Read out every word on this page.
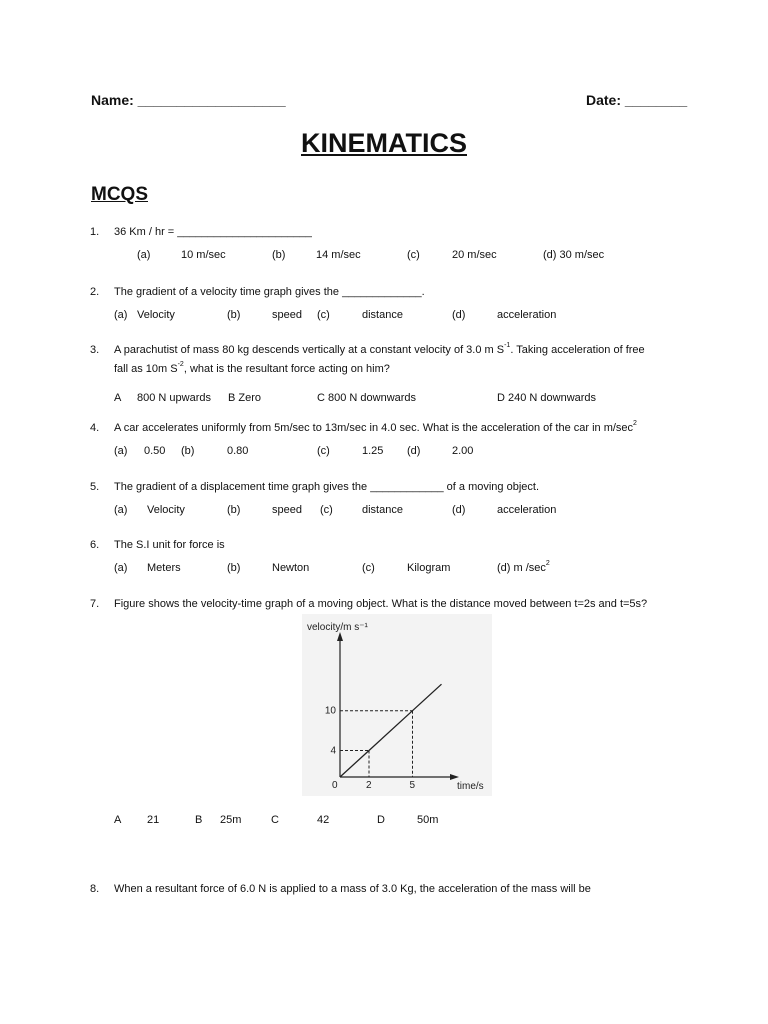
Name: ___________________	Date: ________
KINEMATICS
MCQS
1. 36 Km / hr = ______________________
(a)	10 m/sec	(b)	14 m/sec	(c)	20 m/sec	(d) 30 m/sec
2. The gradient of a velocity time graph gives the _____________.
(a) Velocity	(b)	speed (c)	distance	(d)	acceleration
3. A parachutist of mass 80 kg descends vertically at a constant velocity of 3.0 m $S^{-1}$. Taking acceleration of free
fall as 10m $S^{-2}$, what is the resultant force acting on him?
A 800 N upwards B Zero	C 800 N downwards	D 240 N downwards
4. A car accelerates uniformly from 5m/sec to 13m/sec in 4.0 sec. What is the acceleration of the car in $m/\sec^2$
(a) 0.50 (b)	0.80	(c)	1.25 (d)	2.00
5. The gradient of a displacement time graph gives the ____________ of a moving object.
(a) Velocity	(b)	speed (c)	distance	(d)	acceleration
6. The S.I unit for force is
(a) Meters	(b)	Newton	(c)	Kilogram	(d) m $/\sec^2$
7. Figure shows the velocity-time graph of a moving object. What is the distance moved between t=2s and t=5s?
0	2	5
4
10
velocity/m s⁻¹
time/s
A 21	B 25m	C	42	D	50m
8. When a resultant force of 6.0 N is applied to a mass of 3.0 Kg, the acceleration of the mass will be
